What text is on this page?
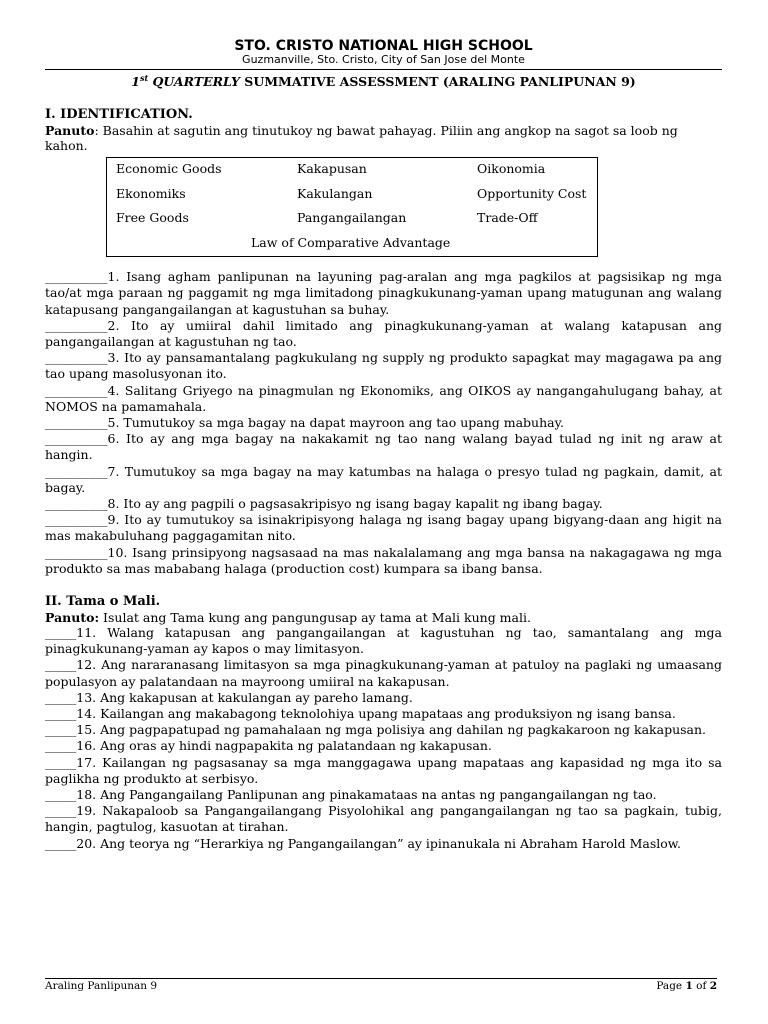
STO. CRISTO NATIONAL HIGH SCHOOL
Guzmanville, Sto. Cristo, City of San Jose del Monte
1st QUARTERLY SUMMATIVE ASSESSMENT (ARALING PANLIPUNAN 9)
I. IDENTIFICATION.
Panuto: Basahin at sagutin ang tinutukoy ng bawat pahayag. Piliin ang angkop na sagot sa loob ng kahon.
Economic Goods	Kakapusan	Oikonomia
Ekonomiks	Kakulangan	Opportunity Cost
Free Goods	Pangangailangan	Trade-Off
Law of Comparative Advantage

__________1. Isang agham panlipunan na layuning pag-aralan ang mga pagkilos at pagsisikap ng mga tao/at mga paraan ng paggamit ng mga limitadong pinagkukunang-yaman upang matugunan ang walang katapusang pangangailangan at kagustuhan sa buhay.

__________2. Ito ay umiiral dahil limitado ang pinagkukunang-yaman at walang katapusan ang pangangailangan at kagustuhan ng tao.

__________3. Ito ay pansamantalang pagkukulang ng supply ng produkto sapagkat may magagawa pa ang tao upang masolusyonan ito.

__________4. Salitang Griyego na pinagmulan ng Ekonomiks, ang OIKOS ay nangangahulugang bahay, at NOMOS na pamamahala.

__________5. Tumutukoy sa mga bagay na dapat mayroon ang tao upang mabuhay.

__________6. Ito ay ang mga bagay na nakakamit ng tao nang walang bayad tulad ng init ng araw at hangin.

__________7. Tumutukoy sa mga bagay na may katumbas na halaga o presyo tulad ng pagkain, damit, at bagay.

__________8. Ito ay ang pagpili o pagsasakripisyo ng isang bagay kapalit ng ibang bagay.

__________9. Ito ay tumutukoy sa isinakripisyong halaga ng isang bagay upang bigyang-daan ang higit na mas makabuluhang paggagamitan nito.

__________10. Isang prinsipyong nagsasaad na mas nakalalamang ang mga bansa na nakagagawa ng mga produkto sa mas mababang halaga (production cost) kumpara sa ibang bansa.

II. Tama o Mali.
Panuto: Isulat ang Tama kung ang pangungusap ay tama at Mali kung mali.

_____11. Walang katapusan ang pangangailangan at kagustuhan ng tao, samantalang ang mga pinagkukunang-yaman ay kapos o may limitasyon.

_____12. Ang nararanasang limitasyon sa mga pinagkukunang-yaman at patuloy na paglaki ng umaasang populasyon ay palatandaan na mayroong umiiral na kakapusan.

_____13. Ang kakapusan at kakulangan ay pareho lamang.

_____14. Kailangan ang makabagong teknolohiya upang mapataas ang produksiyon ng isang bansa.

_____15. Ang pagpapatupad ng pamahalaan ng mga polisiya ang dahilan ng pagkakaroon ng kakapusan.

_____16. Ang oras ay hindi nagpapakita ng palatandaan ng kakapusan.

_____17. Kailangan ng pagsasanay sa mga manggagawa upang mapataas ang kapasidad ng mga ito sa paglikha ng produkto at serbisyo.

_____18. Ang Pangangailang Panlipunan ang pinakamataas na antas ng pangangailangan ng tao.

_____19. Nakapaloob sa Pangangailangang Pisyolohikal ang pangangailangan ng tao sa pagkain, tubig, hangin, pagtulog, kasuotan at tirahan.

_____20. Ang teorya ng “Herarkiya ng Pangangailangan” ay ipinanukala ni Abraham Harold Maslow.

Araling Panlipunan 9	Page 1 of 2
